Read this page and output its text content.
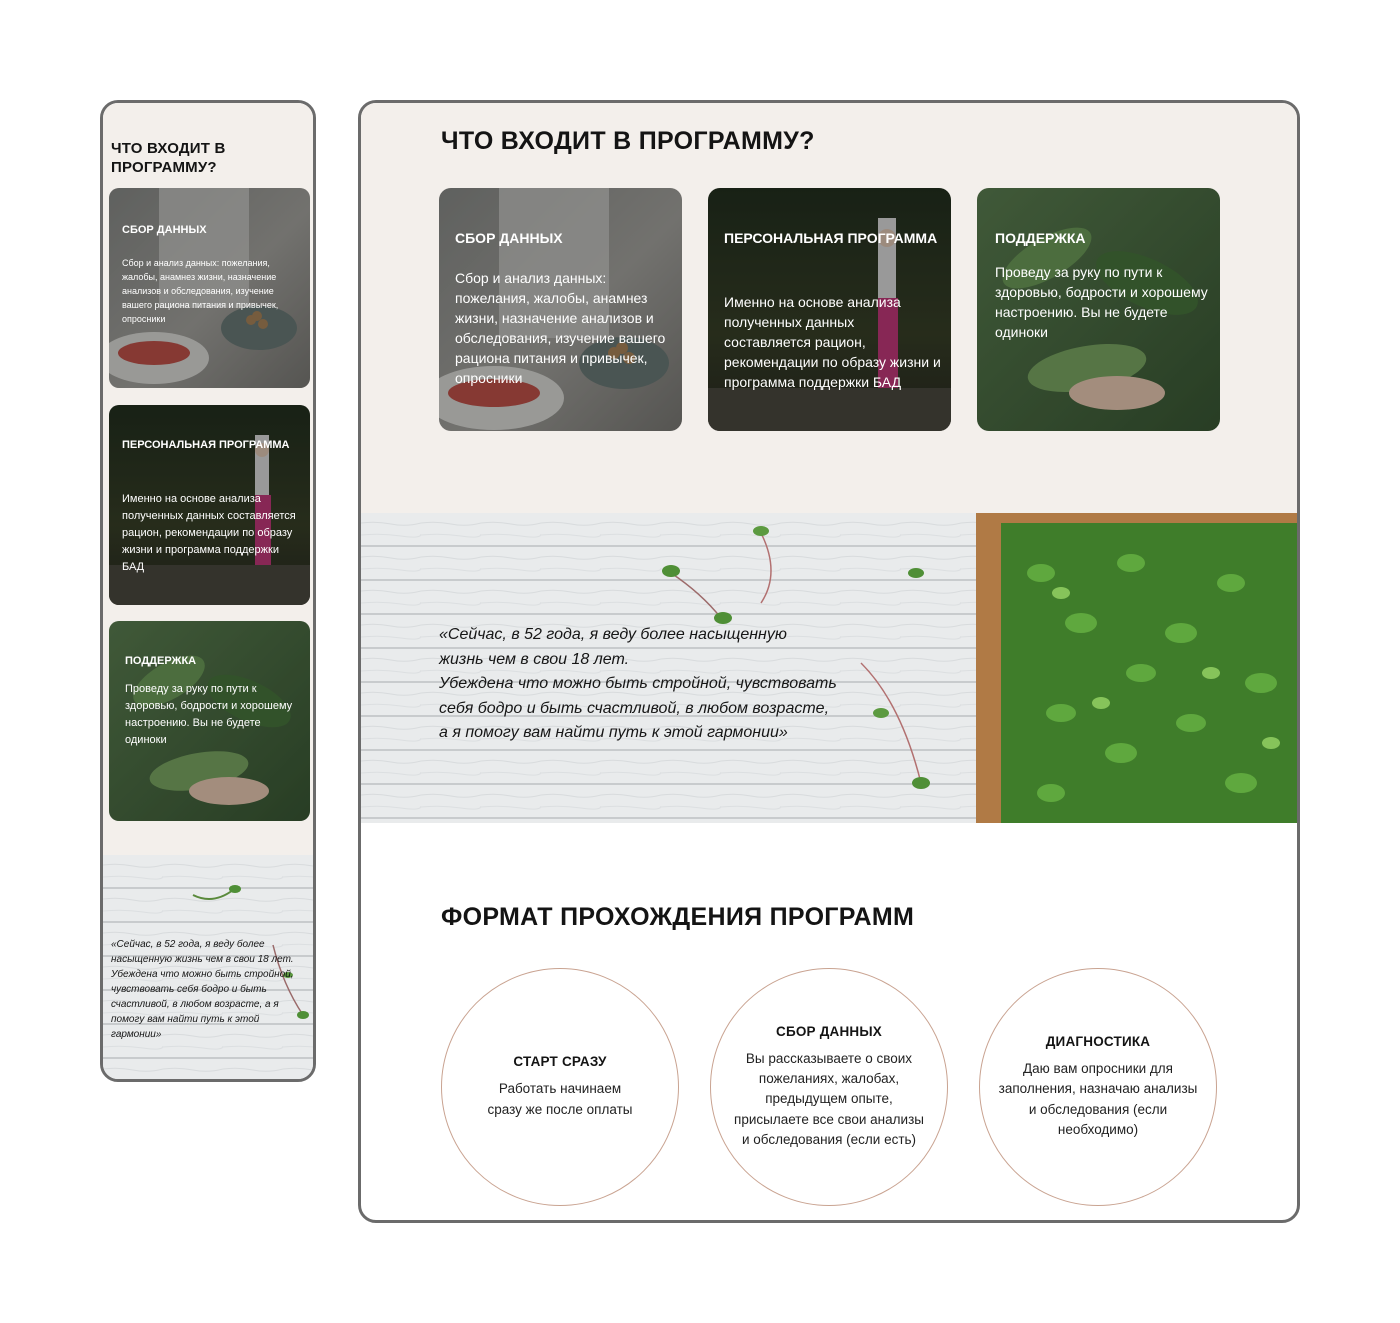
ЧТО ВХОДИТ В ПРОГРАММУ?
СБОР ДАННЫХ
Сбор и анализ данных: пожелания, жалобы, анамнез жизни, назначение анализов и обследования, изучение вашего рациона питания и привычек, опросники
ПЕРСОНАЛЬНАЯ ПРОГРАММА
Именно на основе анализа полученных данных составляется рацион, рекомендации по образу жизни и программа поддержки БАД
ПОДДЕРЖКА
Проведу за руку по пути к здоровью, бодрости и хорошему настроению. Вы не будете одиноки

«Сейчас, в 52 года, я веду более насыщенную жизнь чем в свои 18 лет. Убеждена что можно быть стройной, чувствовать себя бодро и быть счастливой, в любом возрасте, а я помогу вам найти путь к этой гармонии»

ЧТО ВХОДИТ В ПРОГРАММУ?
СБОР ДАННЫХ
Сбор и анализ данных: пожелания, жалобы, анамнез жизни, назначение анализов и обследования, изучение вашего рациона питания и привычек, опросники
ПЕРСОНАЛЬНАЯ ПРОГРАММА
Именно на основе анализа полученных данных составляется рацион, рекомендации по образу жизни и программа поддержки БАД
ПОДДЕРЖКА
Проведу за руку по пути к здоровью, бодрости и хорошему настроению. Вы не будете одиноки

«Сейчас, в 52 года, я веду более насыщенную
жизнь чем в свои 18 лет.
Убеждена что можно быть стройной, чувствовать
себя бодро и быть счастливой, в любом возрасте,
а я помогу вам найти путь к этой гармонии»

ФОРМАТ ПРОХОЖДЕНИЯ ПРОГРАММ
СТАРТ СРАЗУ
Работать начинаем сразу же после оплаты
СБОР ДАННЫХ
Вы рассказываете о своих пожеланиях, жалобах, предыдущем опыте, присылаете все свои анализы и обследования (если есть)
ДИАГНОСТИКА
Даю вам опросники для заполнения, назначаю анализы и обследования (если необходимо)
